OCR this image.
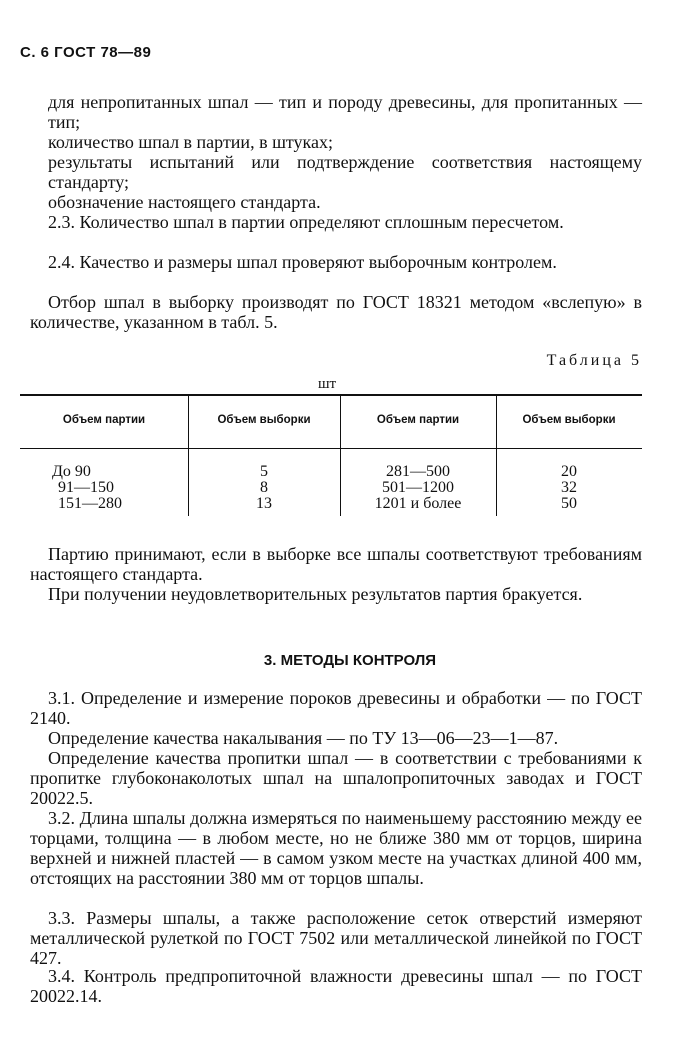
С. 6 ГОСТ 78—89

для непропитанных шпал — тип и породу древесины, для пропитанных — тип;

количество шпал в партии, в штуках;

результаты испытаний или подтверждение соответствия настоящему стандарту;

обозначение настоящего стандарта.

2.3. Количество шпал в партии определяют сплошным пересчетом.

2.4. Качество и размеры шпал проверяют выборочным контролем.

Отбор шпал в выборку производят по ГОСТ 18321 методом «вслепую» в количестве, указанном в табл. 5.

Таблица 5
шт
Объем партии	Объем выборки	Объем партии	Объем выборки
До 90	5	281—500	20
91—150	8	501—1200	32
151—280	13	1201 и более	50

Партию принимают, если в выборке все шпалы соответствуют требованиям настоящего стандарта.

При получении неудовлетворительных результатов партия бракуется.

3. МЕТОДЫ КОНТРОЛЯ

3.1. Определение и измерение пороков древесины и обработки — по ГОСТ 2140.

Определение качества накалывания — по ТУ 13—06—23—1—87.

Определение качества пропитки шпал — в соответствии с требованиями к пропитке глубоконаколотых шпал на шпалопропиточных заводах и ГОСТ 20022.5.

3.2. Длина шпалы должна измеряться по наименьшему расстоянию между ее торцами, толщина — в любом месте, но не ближе 380 мм от торцов, ширина верхней и нижней пластей — в самом узком месте на участках длиной 400 мм, отстоящих на расстоянии 380 мм от торцов шпалы.

3.3. Размеры шпалы, а также расположение сеток отверстий измеряют металлической рулеткой по ГОСТ 7502 или металлической линейкой по ГОСТ 427.

3.4. Контроль предпропиточной влажности древесины шпал — по ГОСТ 20022.14.
